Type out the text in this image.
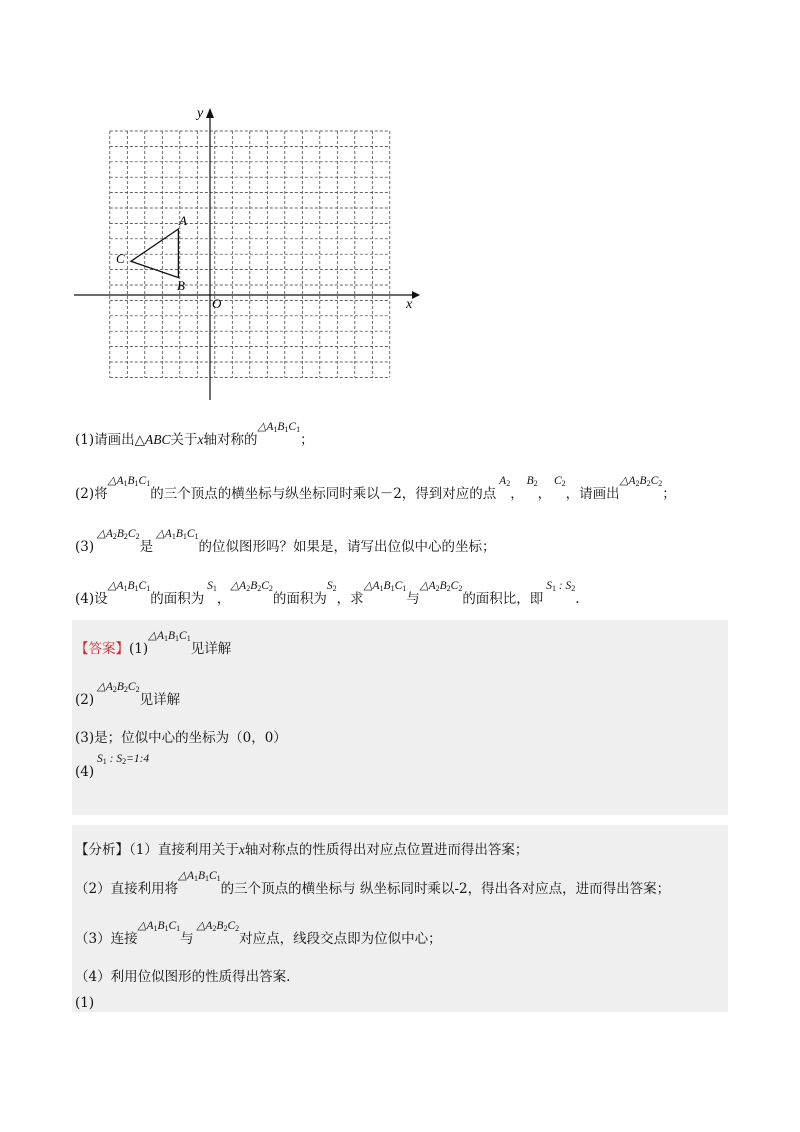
x
y
O
A
B
C
(1)请画出△ABC关于x轴对称的$\triangle A_1B_1C_1$；
(2)将$\triangle A_1B_1C_1$的三个顶点的横坐标与纵坐标同时乘以－2，得到对应的点 $A_2$， $B_2$， $C_2$，请画出$\triangle A_2B_2C_2$；
(3) $\triangle A_2B_2C_2$是 $\triangle A_1B_1C_1$的位似图形吗？如果是，请写出位似中心的坐标；
(4)设$\triangle A_1B_1C_1$的面积为 $S_1$，$\triangle A_2B_2C_2$的面积为$S_2$，求$\triangle A_1B_1C_1$与$\triangle A_2B_2C_2$的面积比，即 $S_1$ : $S_2$.
【答案】$(1)\triangle A_1B_1C_1$见详解
(2) $\triangle A_2B_2C_2$见详解
(3)是；位似中心的坐标为（0，0）
(4) $S_1$ : $S_2=1:4$
【分析】（1）直接利用关于x轴对称点的性质得出对应点位置进而得出答案；
（2）直接利用将$\triangle A_1B_1C_1$的三个顶点的横坐标与 纵坐标同时乘以-2，得出各对应点，进而得出答案；
（3）连接$\triangle A_1B_1C_1$与 $\triangle A_2B_2C_2$对应点，线段交点即为位似中心；
（4）利用位似图形的性质得出答案.
(1)
